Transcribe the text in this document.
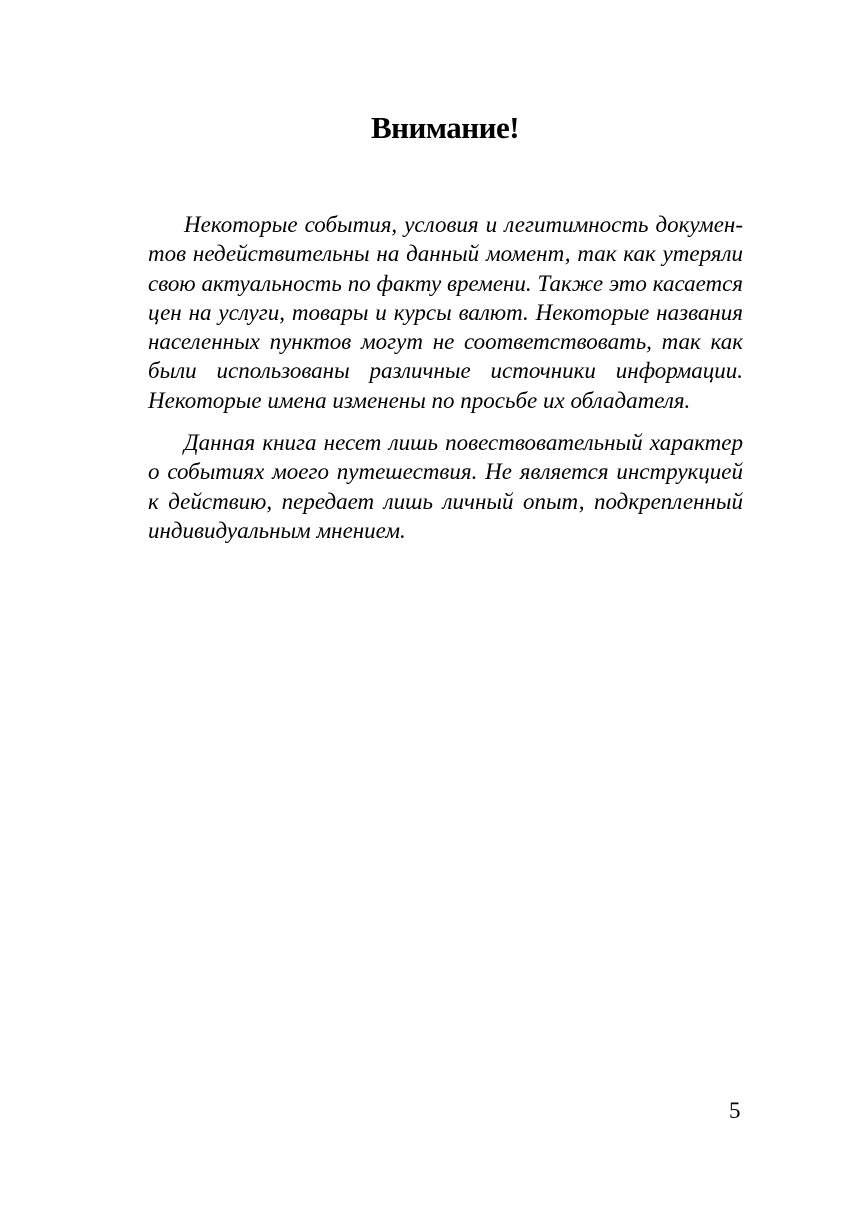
Внимание!
Некоторые события, условия и легитимность докумен-
тов недействительны на данный момент, так как утеряли
свою актуальность по факту времени. Также это касается
цен на услуги, товары и курсы валют. Некоторые названия
населенных пунктов могут не соответствовать, так как
были использованы различные источники информации.
Некоторые имена изменены по просьбе их обладателя.
Данная книга несет лишь повествовательный характер
о событиях моего путешествия. Не является инструкцией
к действию, передает лишь личный опыт, подкрепленный
индивидуальным мнением.
5
